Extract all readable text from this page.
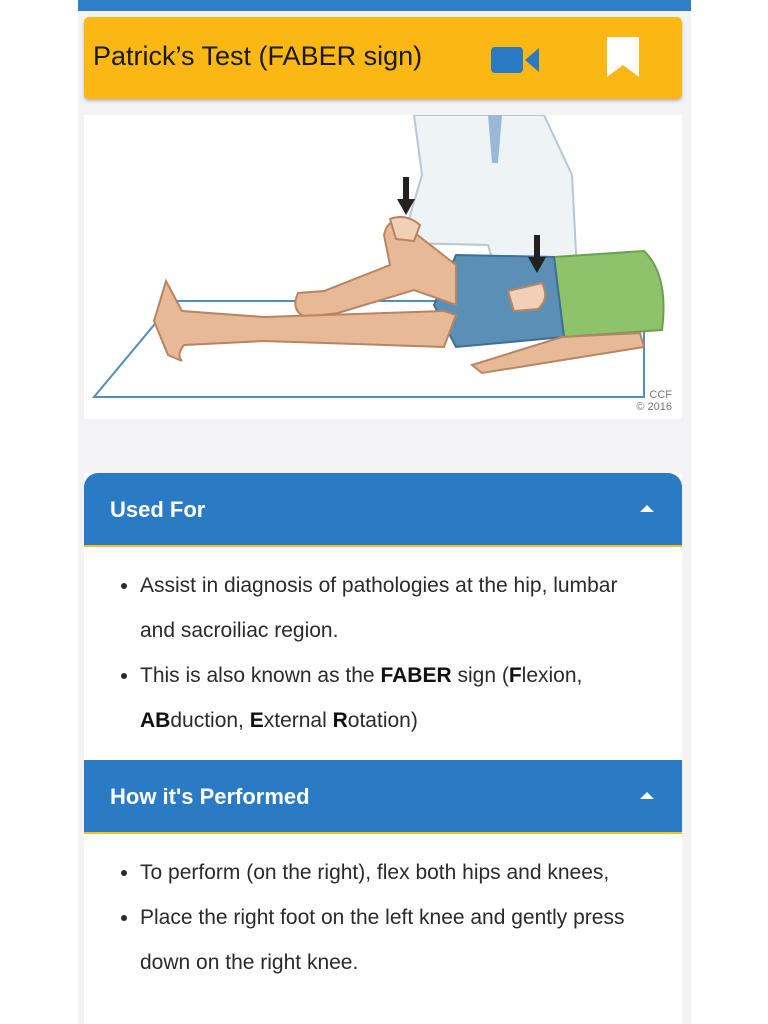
Patrick’s Test (FABER sign)
CCF
© 2016
Used For
Assist in diagnosis of pathologies at the hip, lumbar and sacroiliac region.
This is also known as the FABER sign (Flexion, ABduction, External Rotation)
How it's Performed
To perform (on the right), flex both hips and knees,
Place the right foot on the left knee and gently press down on the right knee.
